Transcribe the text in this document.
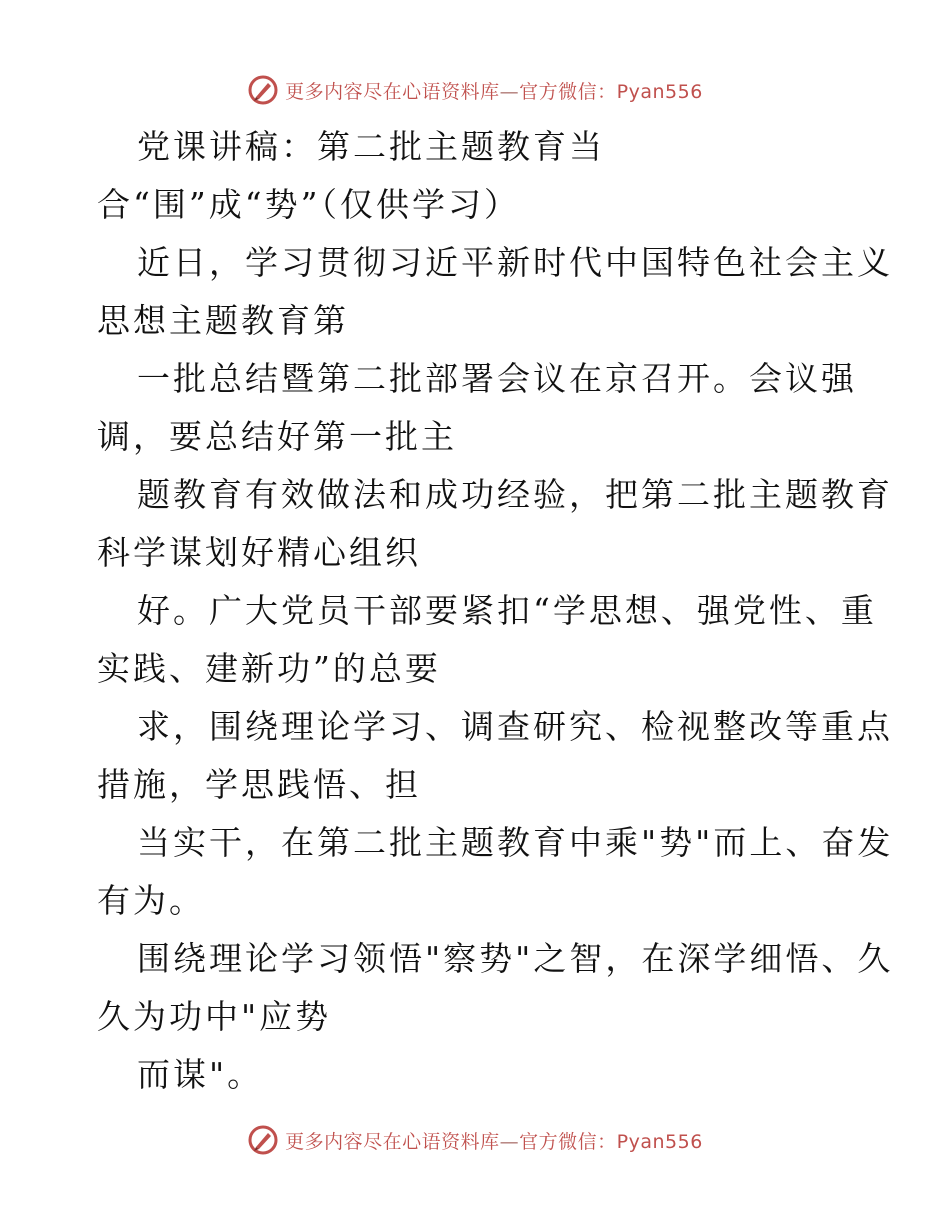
更多内容尽在心语资料库—官方微信：Pyan556
党课讲稿：第二批主题教育当
合“围”成“势”（仅供学习）
近日，学习贯彻习近平新时代中国特色社会主义
思想主题教育第
一批总结暨第二批部署会议在京召开。会议强
调，要总结好第一批主
题教育有效做法和成功经验，把第二批主题教育
科学谋划好精心组织
好。广大党员干部要紧扣“学思想、强党性、重
实践、建新功”的总要
求，围绕理论学习、调查研究、检视整改等重点
措施，学思践悟、担
当实干，在第二批主题教育中乘"势"而上、奋发
有为。
围绕理论学习领悟"察势"之智，在深学细悟、久
久为功中"应势
而谋"。
更多内容尽在心语资料库—官方微信：Pyan556
